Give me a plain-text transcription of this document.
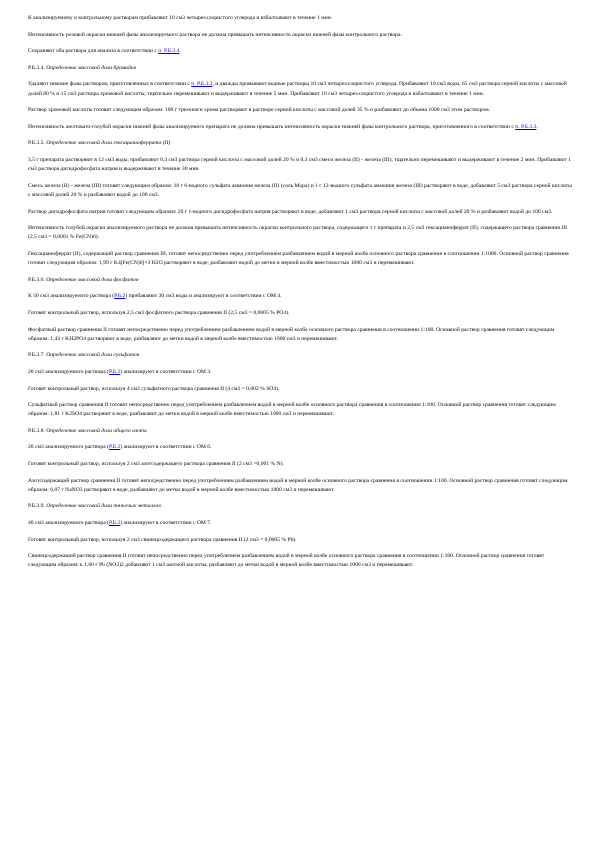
К анализируемому и контрольному растворам прибавляют 10 см3 четыреххлористого углерода и взбалтывают в течение 1 мин.

Интенсивность розовой окраски нижней фазы анализируемого раствора не должна превышать интенсивность окраски нижней фазы контрольного раствора.

Сохраняют оба раствора для анализа в соответствии с п. Р.Б.3.4.

Р.Б.3.4. Определение массовой доли бромидов

Удаляют нижние фазы растворов, приготовленных в соответствии с п. Р.Б.3.3, и дважды промывают водные растворы 10 см3 четыреххлористого углерода. Прибавляют 10 см3 воды, 65 см3 раствора серной кислоты с массовой долей 80 % и 15 см3 раствора хромовой кислоты, тщательно перемешивают и выдерживают в течение 5 мин. Прибавляют 10 см3 четыреххлористого углерода и взбалтывают в течение 1 мин.

Раствор хромовой кислоты готовят следующим образом: 100 г трехокиси хрома растворяют в растворе серной кислоты с массовой долей 35 % и разбавляют до объема 1000 см3 этим раствором.

Интенсивность желтовато-голубой окраски нижней фазы анализируемого препарата не должна превышать интенсивность окраски нижней фазы контрольного раствора, приготовленного в соответствии с п. Р.Б.3.3.

Р.Б.3.5. Определение массовой доли гексацианоферрата (II)

3,5 г препарата растворяют в 12 см3 воды, прибавляют 0,3 см3 раствора серной кислоты с массовой долей 20 % и 0,3 см3 смеси железа (II) - железа (III), тщательно перемешивают и выдерживают в течение 2 мин. Прибавляют 1 см3 раствора дигидрофосфата натрия и выдерживают в течение 30 мин.

Смесь железа (II) - железа (III) готовят следующим образом: 10 г 6-водного сульфата аммония железа (II) (соль Мора) и 1 г 12-водного сульфата аммония железа (III) растворяют в воде, добавляют 5 см3 раствора серной кислоты с массовой долей 20 % и разбавляют водой до 100 см3.

Раствор дигидрофосфата натрия готовят следующим образом: 20 г 1-водного дигидрофосфата натрия растворяют в воде, добавляют 1 см3 раствора серной кислоты с массовой долей 20 % и разбавляют водой до 100 см3.

Интенсивность голубой окраски анализируемого раствора не должна превышать интенсивность окраски контрольного раствора, содержащего 1 г препарата и 2,5 см3 гексацианоферрат (II), содержащего раствора сравнения III (2,5 см3 = 0,0001 % Fe(CN)6).

Гексацианоферрат (II), содержащий раствор сравнения III, готовят непосредственно перед употреблением разбавлением водой в мерной колбе основного раствора сравнения в соотношении 1:1000. Основной раствор сравнения готовят следующим образом: 1,99 г K4[Fe(CN)6]×3 H2O растворяют в воде, разбавляют водой до метки в мерной колбе вместимостью 1000 см3 и перемешивают.

Р.Б.3.6. Определение массовой доли фосфатов

К 50 см3 анализируемого раствора (Р.Б.2) прибавляют 30 см3 воды и анализируют в соответствии с ОМ 4.

Готовят контрольный раствор, используя 2,5 см3 фосфатного раствора сравнения II (2,5 см3 = 0,0005 % PO4).

Фосфатный раствор сравнения II готовят непосредственно перед употреблением разбавлением водой в мерной колбе основного раствора сравнения в соотношении 1:100. Основной раствор сравнения готовят следующим образом: 1,43 г KH2PO4 растворяют в воде, разбавляют до метки водой в мерной колбе вместимостью 1000 см3 и перемешивают.

Р.Б.3.7. Определение массовой доли сульфатов

20 см3 анализируемого раствора (Р.Б.2) анализируют в соответствии с ОМ 3.

Готовят контрольный раствор, используя 4 см3 сульфатного раствора сравнения II (4 см3 = 0,002 % SO4).

Сульфатный раствор сравнения II готовят непосредственно перед употреблением разбавлением водой в мерной колбе основного раствора сравнения в соотношении 1:100. Основной раствор сравнения готовят следующим образом: 1,81 г K2SO4 растворяют в воде, разбавляют до метки водой в мерной колбе вместимостью 1000 см3 и перемешивают.

Р.Б.3.8. Определение массовой доли общего азота

20 см3 анализируемого раствора (Р.Б.2) анализируют в соответствии с ОМ 6.

Готовят контрольный раствор, используя 2 см3 азотсодержащего раствора сравнения II (2 см3 =0,001 % N).

Азотсодержащий раствор сравнения II готовят непосредственно перед употреблением разбавлением водой в мерной колбе основного раствора сравнения в соотношении 1:100. Основной раствор сравнения готовят следующим образом: 6,07 г NaNO3 растворяют в воде, разбавляют до метки водой в мерной колбе вместимостью 1000 см3 и перемешивают.

Р.Б.3.9. Определение массовой доли тяжелых металлов

40 см3 анализируемого раствора (Р.Б.2) анализируют в соответствии с ОМ 7.

Готовят контрольный раствор, используя 2 см3 свинецсодержащего раствора сравнения II (2 см3 = 0,0005 % Pb).

Свинецсодержащий раствор сравнения II готовят непосредственно перед употреблением разбавлением водой в мерной колбе основного раствора сравнения в соотношении 1:100. Основной раствор сравнения готовят следующим образом: к 1,60 г Pb (NO3)2 добавляют 1 см3 азотной кислоты, разбавляют до метки водой в мерной колбе вместимостью 1000 см3 и перемешивают.
